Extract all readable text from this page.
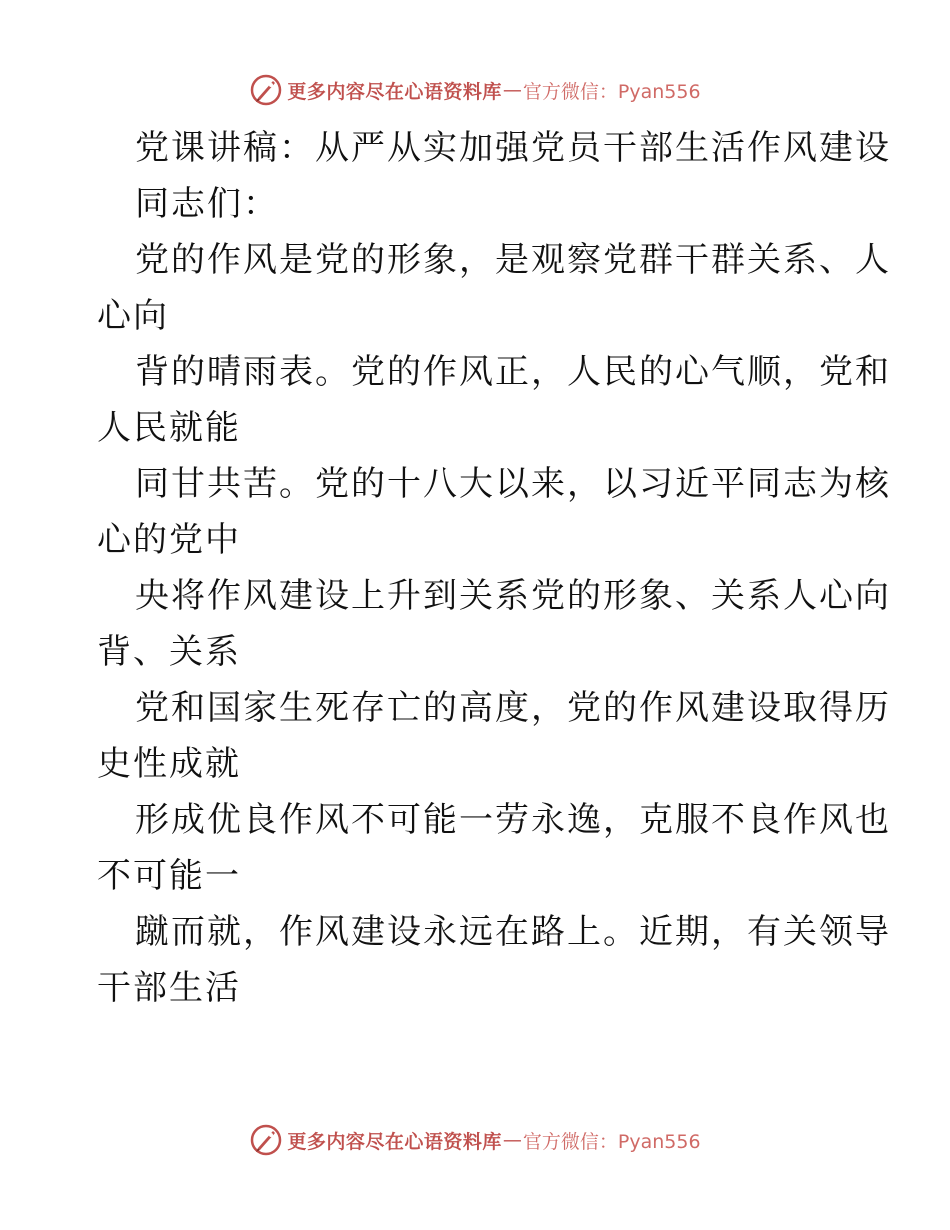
更多内容尽在心语资料库 — 官方微信：Pyan556
党课讲稿：从严从实加强党员干部生活作风建设
同志们：
党的作风是党的形象，是观察党群干群关系、人
心向
背的晴雨表。党的作风正，人民的心气顺，党和
人民就能
同甘共苦。党的十八大以来，以习近平同志为核
心的党中
央将作风建设上升到关系党的形象、关系人心向
背、关系
党和国家生死存亡的高度，党的作风建设取得历
史性成就
形成优良作风不可能一劳永逸，克服不良作风也
不可能一
蹴而就，作风建设永远在路上。近期，有关领导
干部生活
更多内容尽在心语资料库 — 官方微信：Pyan556
